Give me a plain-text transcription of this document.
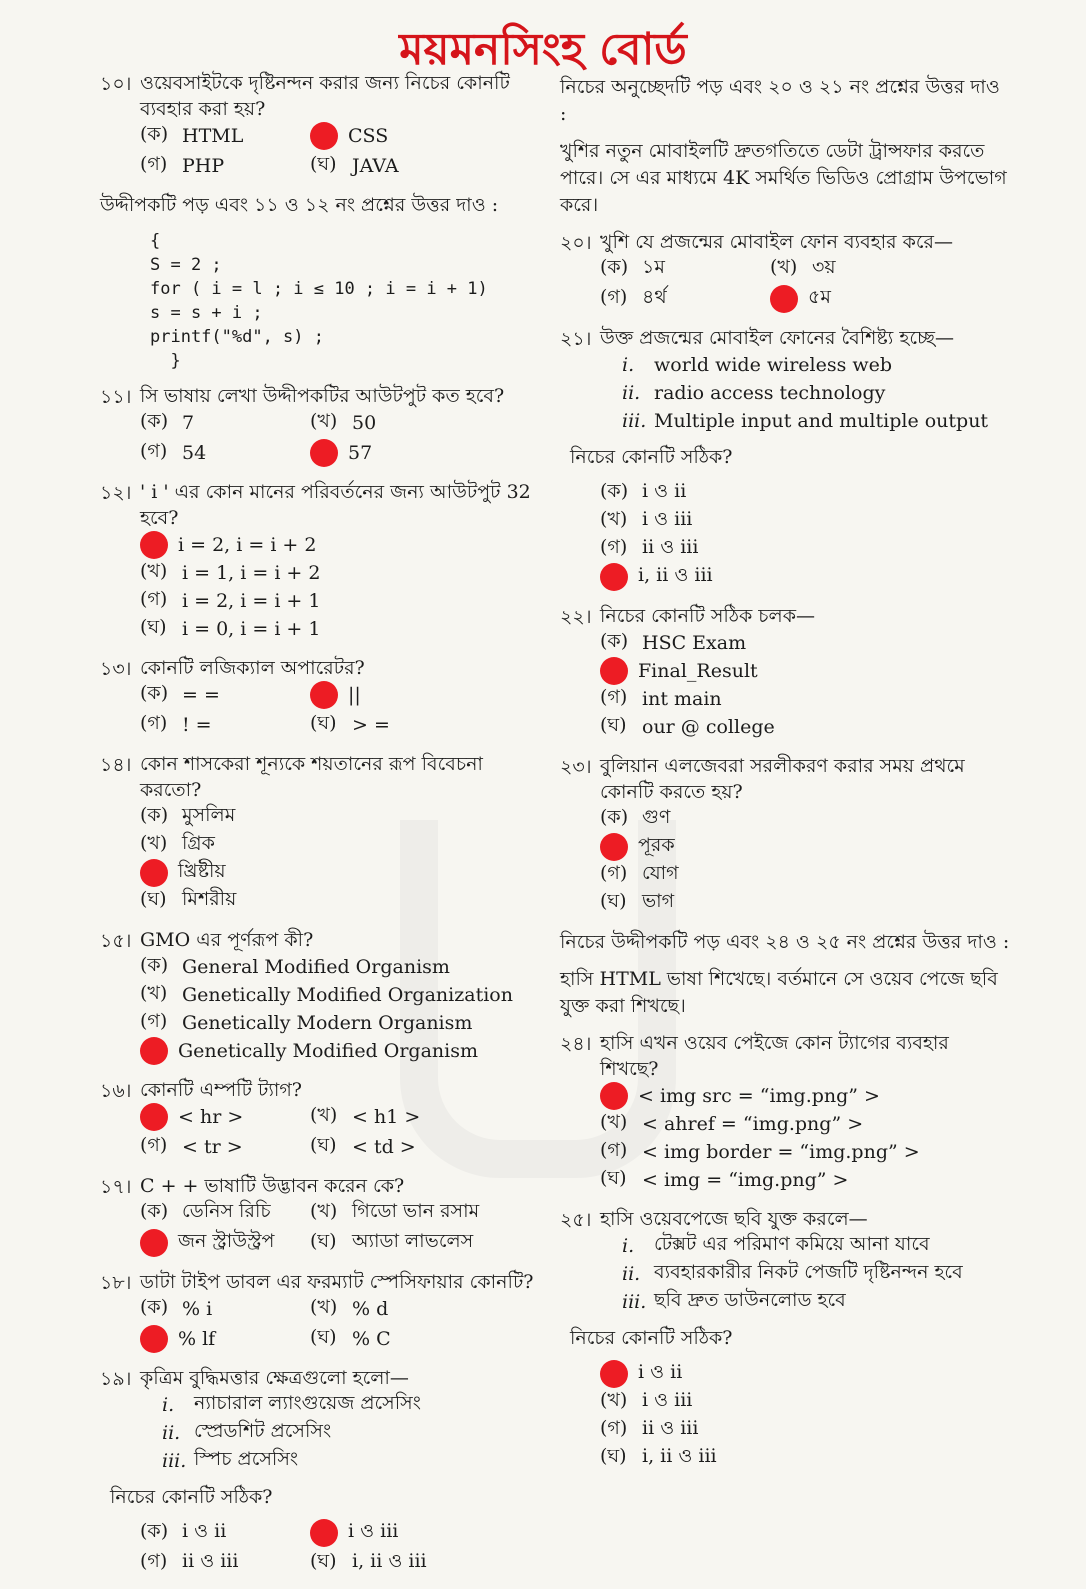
ময়মনসিংহ বোর্ড
১০। ওয়েবসাইটকে দৃষ্টিনন্দন করার জন্য নিচের কোনটি ব্যবহার করা হয়?
(ক) HTML	CSS
(গ) PHP	(ঘ) JAVA
উদ্দীপকটি পড় এবং ১১ ও ১২ নং প্রশ্নের উত্তর দাও :
{
S = 2 ;
for ( i = l ; i ≤ 10 ; i = i + 1)
s = s + i ;
printf("%d", s) ;
}
১১। সি ভাষায় লেখা উদ্দীপকটির আউটপুট কত হবে?
(ক) 7	(খ) 50
(গ) 54	57
১২। ' i ' এর কোন মানের পরিবর্তনের জন্য আউটপুট 32 হবে?
i = 2, i = i + 2
(খ) i = 1, i = i + 2
(গ) i = 2, i = i + 1
(ঘ) i = 0, i = i + 1
১৩। কোনটি লজিক্যাল অপারেটর?
(ক) = =	||
(গ) ! =	(ঘ) > =
১৪। কোন শাসকেরা শূন্যকে শয়তানের রূপ বিবেচনা করতো?
(ক) মুসলিম
(খ) গ্রিক
খ্রিষ্টীয়
(ঘ) মিশরীয়
১৫। GMO এর পূর্ণরূপ কী?
(ক) General Modified Organism
(খ) Genetically Modified Organization
(গ) Genetically Modern Organism
Genetically Modified Organism
১৬। কোনটি এম্পটি ট্যাগ?
< hr >	(খ) < h1 >
(গ) < tr >	(ঘ) < td >
১৭। C + + ভাষাটি উদ্ভাবন করেন কে?
(ক) ডেনিস রিচি (খ) গিডো ভান রসাম
জন স্ট্রাউস্ট্রপ (ঘ) অ্যাডা লাভলেস
১৮। ডাটা টাইপ ডাবল এর ফরম্যাট স্পেসিফায়ার কোনটি?
(ক) % i	(খ) % d
% lf	(ঘ) % C
১৯। কৃত্রিম বুদ্ধিমত্তার ক্ষেত্রগুলো হলো—
i.	ন্যাচারাল ল্যাংগুয়েজ প্রসেসিং
ii. স্প্রেডশিট প্রসেসিং
iii. স্পিচ প্রসেসিং
নিচের কোনটি সঠিক?
(ক) i ও ii	i ও iii
(গ) ii ও iii	(ঘ) i, ii ও iii
নিচের অনুচ্ছেদটি পড় এবং ২০ ও ২১ নং প্রশ্নের উত্তর দাও :
খুশির নতুন মোবাইলটি দ্রুতগতিতে ডেটা ট্রান্সফার করতে পারে। সে এর মাধ্যমে 4K সমর্থিত ভিডিও প্রোগ্রাম উপভোগ করে।
২০। খুশি যে প্রজন্মের মোবাইল ফোন ব্যবহার করে—
(ক) ১ম	(খ) ৩য়
(গ) ৪র্থ	৫ম
২১। উক্ত প্রজন্মের মোবাইল ফোনের বৈশিষ্ট্য হচ্ছে—
i.	world wide wireless web
ii. radio access technology
iii. Multiple input and multiple output
নিচের কোনটি সঠিক?
(ক) i ও ii
(খ) i ও iii
(গ) ii ও iii
i, ii ও iii
২২। নিচের কোনটি সঠিক চলক—
(ক) HSC Exam
Final_Result
(গ) int main
(ঘ) our @ college
২৩। বুলিয়ান এলজেবরা সরলীকরণ করার সময় প্রথমে কোনটি করতে হয়?
(ক) গুণ
পূরক
(গ) যোগ
(ঘ) ভাগ
নিচের উদ্দীপকটি পড় এবং ২৪ ও ২৫ নং প্রশ্নের উত্তর দাও :
হাসি HTML ভাষা শিখেছে। বর্তমানে সে ওয়েব পেজে ছবি যুক্ত করা শিখছে।
২৪। হাসি এখন ওয়েব পেইজে কোন ট্যাগের ব্যবহার শিখছে?
< img src = “img.png” >
(খ) < ahref = “img.png” >
(গ) < img border = “img.png” >
(ঘ) < img = “img.png” >
২৫। হাসি ওয়েবপেজে ছবি যুক্ত করলে—
i.	টেক্সট এর পরিমাণ কমিয়ে আনা যাবে
ii. ব্যবহারকারীর নিকট পেজটি দৃষ্টিনন্দন হবে
iii. ছবি দ্রুত ডাউনলোড হবে
নিচের কোনটি সঠিক?
i ও ii
(খ) i ও iii
(গ) ii ও iii
(ঘ) i, ii ও iii
